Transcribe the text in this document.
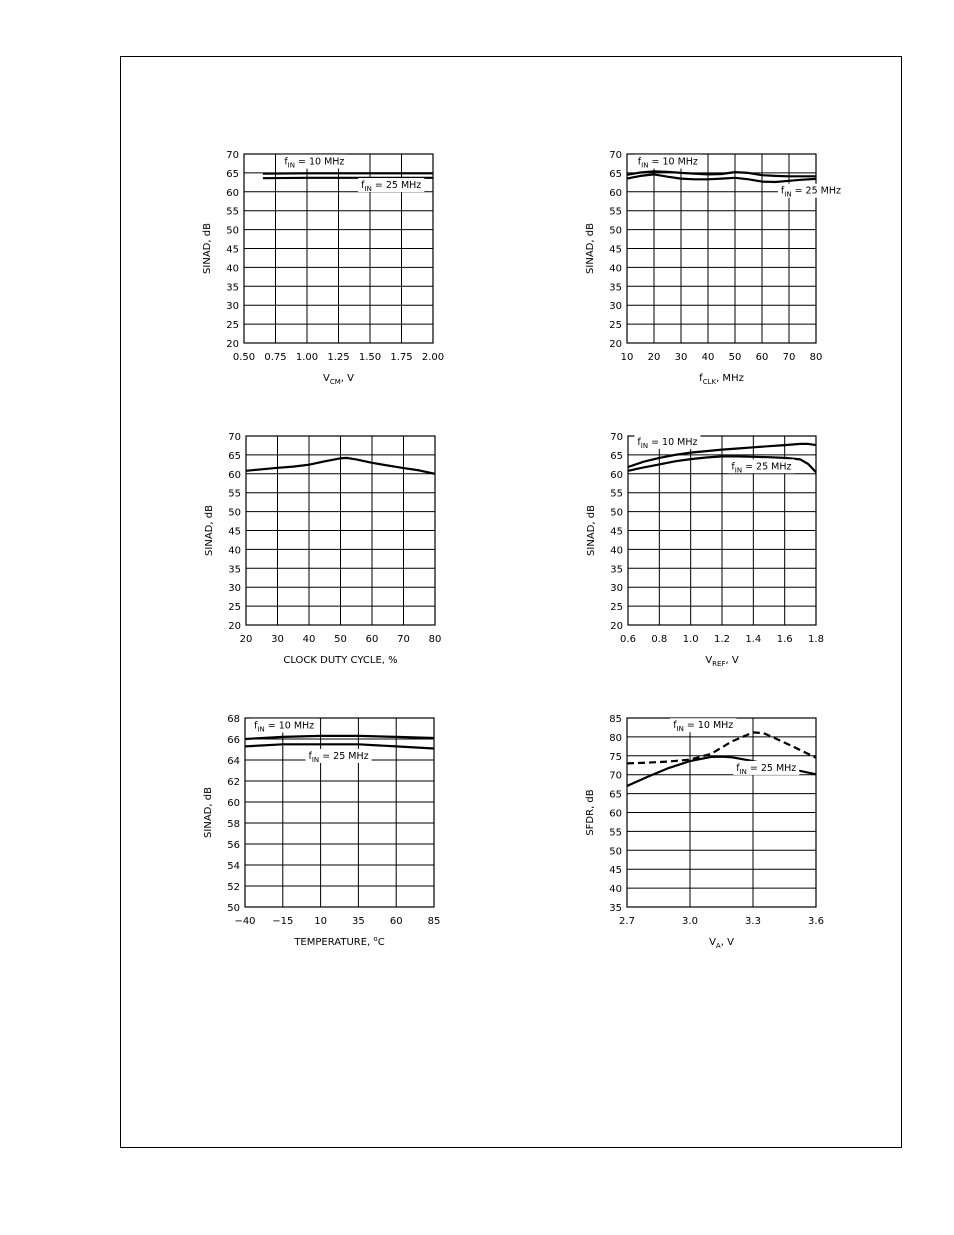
0.50 0.75 1.00 1.25 1.50 1.75 2.00
20
25
30
35
40
45
50
55
60
65
70
SINAD, dB
$V_{CM}$, V
$f_{IN} = 10$ MHz
$f_{IN} = 25$ MHz
10 20 30 40 50 60 70 80
20
25
30
35
40
45
50
55
60
65
70
SINAD, dB
$f_{CLK}$, MHz
$f_{IN} = 10$ MHz
$f_{IN} = 25$ MHz
20 30 40 50 60 70 80
20
25
30
35
40
45
50
55
60
65
70
SINAD, dB
CLOCK DUTY CYCLE, %
0.6 0.8 1.0 1.2 1.4 1.6 1.8
20
25
30
35
40
45
50
55
60
65
70
SINAD, dB
$V_{REF}$, V
$f_{IN} = 10$ MHz
$f_{IN} = 25$ MHz
−40 −15 10	35	60	85
50
52
54
56
58
60
62
64
66
68
SINAD, dB
TEMPERATURE, $^o$C
$f_{IN} = 10$ MHz
$f_{IN} = 25$ MHz
2.7	3.0	3.3	3.6
35
40
45
50
55
60
65
70
75
80
85
SFDR, dB
$V_A$, V
$f_{IN} = 10$ MHz
$f_{IN} = 25$ MHz
